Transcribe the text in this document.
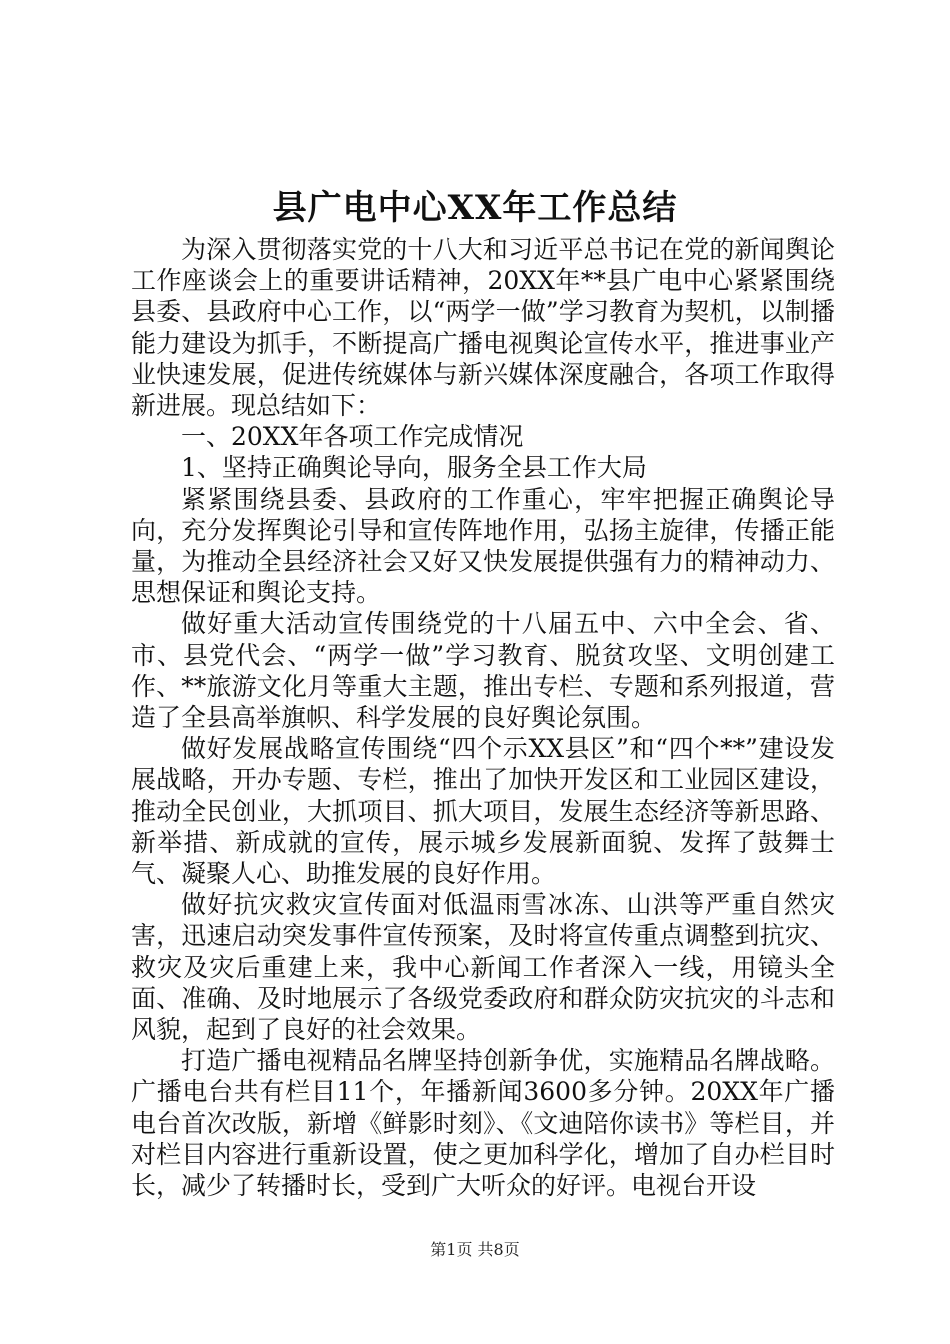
县广电中心XX年工作总结

为深入贯彻落实党的十八大和习近平总书记在党的新闻舆论工作座谈会上的重要讲话精神，20XX年**县广电中心紧紧围绕县委、县政府中心工作，以“两学一做”学习教育为契机，以制播能力建设为抓手，不断提高广播电视舆论宣传水平，推进事业产业快速发展，促进传统媒体与新兴媒体深度融合，各项工作取得新进展。现总结如下：

一、20XX年各项工作完成情况

1、坚持正确舆论导向，服务全县工作大局

紧紧围绕县委、县政府的工作重心，牢牢把握正确舆论导向，充分发挥舆论引导和宣传阵地作用，弘扬主旋律，传播正能量，为推动全县经济社会又好又快发展提供强有力的精神动力、思想保证和舆论支持。

做好重大活动宣传围绕党的十八届五中、六中全会、省、市、县党代会、“两学一做”学习教育、脱贫攻坚、文明创建工作、**旅游文化月等重大主题，推出专栏、专题和系列报道，营造了全县高举旗帜、科学发展的良好舆论氛围。

做好发展战略宣传围绕“四个示XX县区”和“四个**”建设发展战略，开办专题、专栏，推出了加快开发区和工业园区建设，推动全民创业，大抓项目、抓大项目，发展生态经济等新思路、新举措、新成就的宣传，展示城乡发展新面貌、发挥了鼓舞士气、凝聚人心、助推发展的良好作用。

做好抗灾救灾宣传面对低温雨雪冰冻、山洪等严重自然灾害，迅速启动突发事件宣传预案，及时将宣传重点调整到抗灾、救灾及灾后重建上来，我中心新闻工作者深入一线，用镜头全面、准确、及时地展示了各级党委政府和群众防灾抗灾的斗志和风貌，起到了良好的社会效果。

打造广播电视精品名牌坚持创新争优，实施精品名牌战略。广播电台共有栏目11个，年播新闻3600多分钟。20XX年广播电台首次改版，新增《鲜影时刻》、《文迪陪你读书》等栏目，并对栏目内容进行重新设置，使之更加科学化，增加了自办栏目时长，减少了转播时长，受到广大听众的好评。电视台开设

第1页 共8页
